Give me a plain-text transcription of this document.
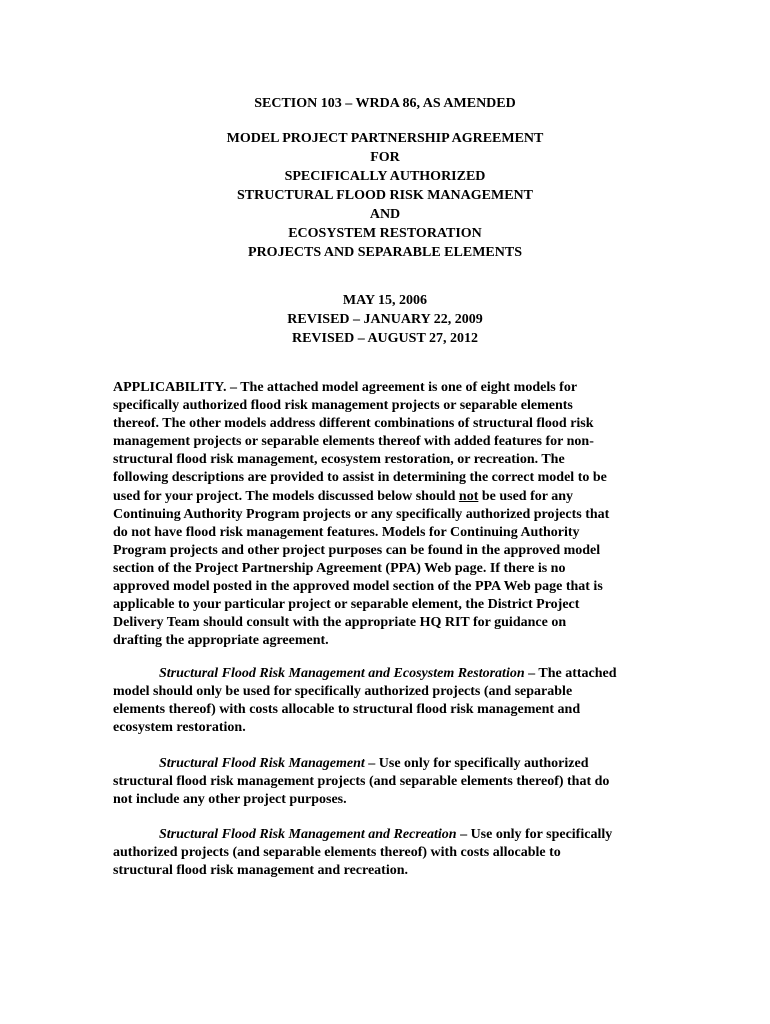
SECTION 103 – WRDA 86, AS AMENDED
MODEL PROJECT PARTNERSHIP AGREEMENT
FOR
SPECIFICALLY AUTHORIZED
STRUCTURAL FLOOD RISK MANAGEMENT
AND
ECOSYSTEM RESTORATION
PROJECTS AND SEPARABLE ELEMENTS
MAY 15, 2006
REVISED – JANUARY 22, 2009
REVISED – AUGUST 27, 2012
APPLICABILITY. – The attached model agreement is one of eight models for
specifically authorized flood risk management projects or separable elements
thereof. The other models address different combinations of structural flood risk
management projects or separable elements thereof with added features for non-
structural flood risk management, ecosystem restoration, or recreation. The
following descriptions are provided to assist in determining the correct model to be
used for your project. The models discussed below should not be used for any
Continuing Authority Program projects or any specifically authorized projects that
do not have flood risk management features. Models for Continuing Authority
Program projects and other project purposes can be found in the approved model
section of the Project Partnership Agreement (PPA) Web page. If there is no
approved model posted in the approved model section of the PPA Web page that is
applicable to your particular project or separable element, the District Project
Delivery Team should consult with the appropriate HQ RIT for guidance on
drafting the appropriate agreement.
Structural Flood Risk Management and Ecosystem Restoration – The attached
model should only be used for specifically authorized projects (and separable
elements thereof) with costs allocable to structural flood risk management and
ecosystem restoration.
Structural Flood Risk Management – Use only for specifically authorized
structural flood risk management projects (and separable elements thereof) that do
not include any other project purposes.
Structural Flood Risk Management and Recreation – Use only for specifically
authorized projects (and separable elements thereof) with costs allocable to
structural flood risk management and recreation.
